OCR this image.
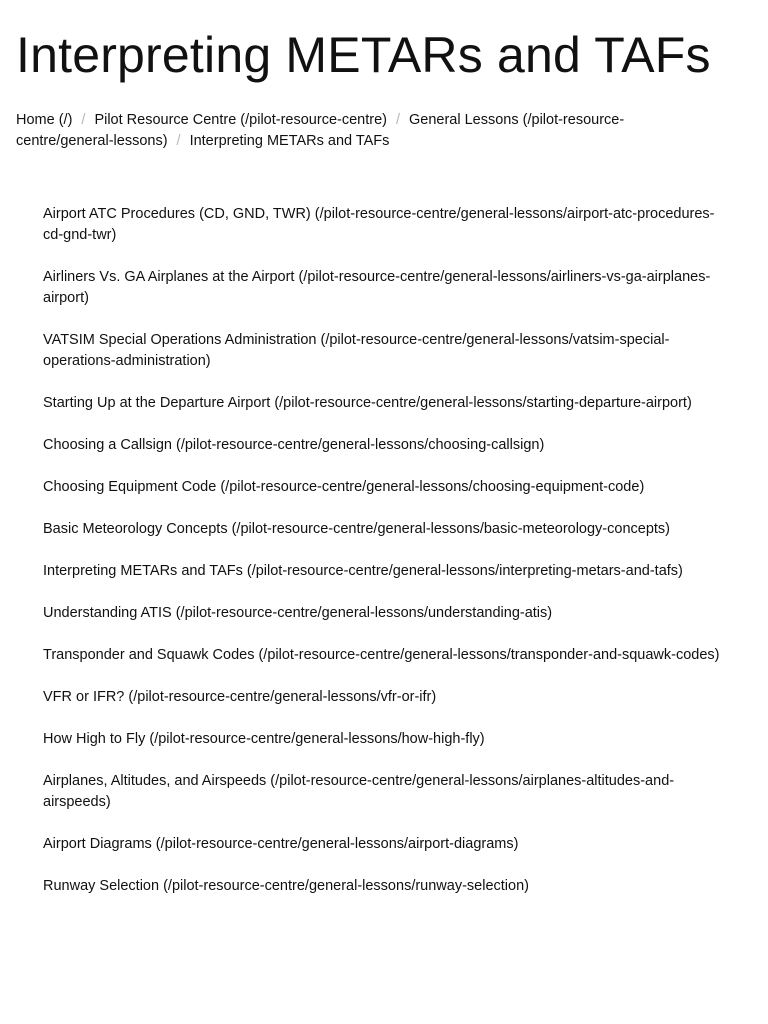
Interpreting METARs and TAFs
Home (/) / Pilot Resource Centre (/pilot-resource-centre) / General Lessons (/pilot-resource-centre/general-lessons) / Interpreting METARs and TAFs
Airport ATC Procedures (CD, GND, TWR) (/pilot-resource-centre/general-lessons/airport-atc-procedures-cd-gnd-twr)
Airliners Vs. GA Airplanes at the Airport (/pilot-resource-centre/general-lessons/airliners-vs-ga-airplanes-airport)
VATSIM Special Operations Administration (/pilot-resource-centre/general-lessons/vatsim-special-operations-administration)
Starting Up at the Departure Airport (/pilot-resource-centre/general-lessons/starting-departure-airport)
Choosing a Callsign (/pilot-resource-centre/general-lessons/choosing-callsign)
Choosing Equipment Code (/pilot-resource-centre/general-lessons/choosing-equipment-code)
Basic Meteorology Concepts (/pilot-resource-centre/general-lessons/basic-meteorology-concepts)
Interpreting METARs and TAFs (/pilot-resource-centre/general-lessons/interpreting-metars-and-tafs)
Understanding ATIS (/pilot-resource-centre/general-lessons/understanding-atis)
Transponder and Squawk Codes (/pilot-resource-centre/general-lessons/transponder-and-squawk-codes)
VFR or IFR? (/pilot-resource-centre/general-lessons/vfr-or-ifr)
How High to Fly (/pilot-resource-centre/general-lessons/how-high-fly)
Airplanes, Altitudes, and Airspeeds (/pilot-resource-centre/general-lessons/airplanes-altitudes-and-airspeeds)
Airport Diagrams (/pilot-resource-centre/general-lessons/airport-diagrams)
Runway Selection (/pilot-resource-centre/general-lessons/runway-selection)
